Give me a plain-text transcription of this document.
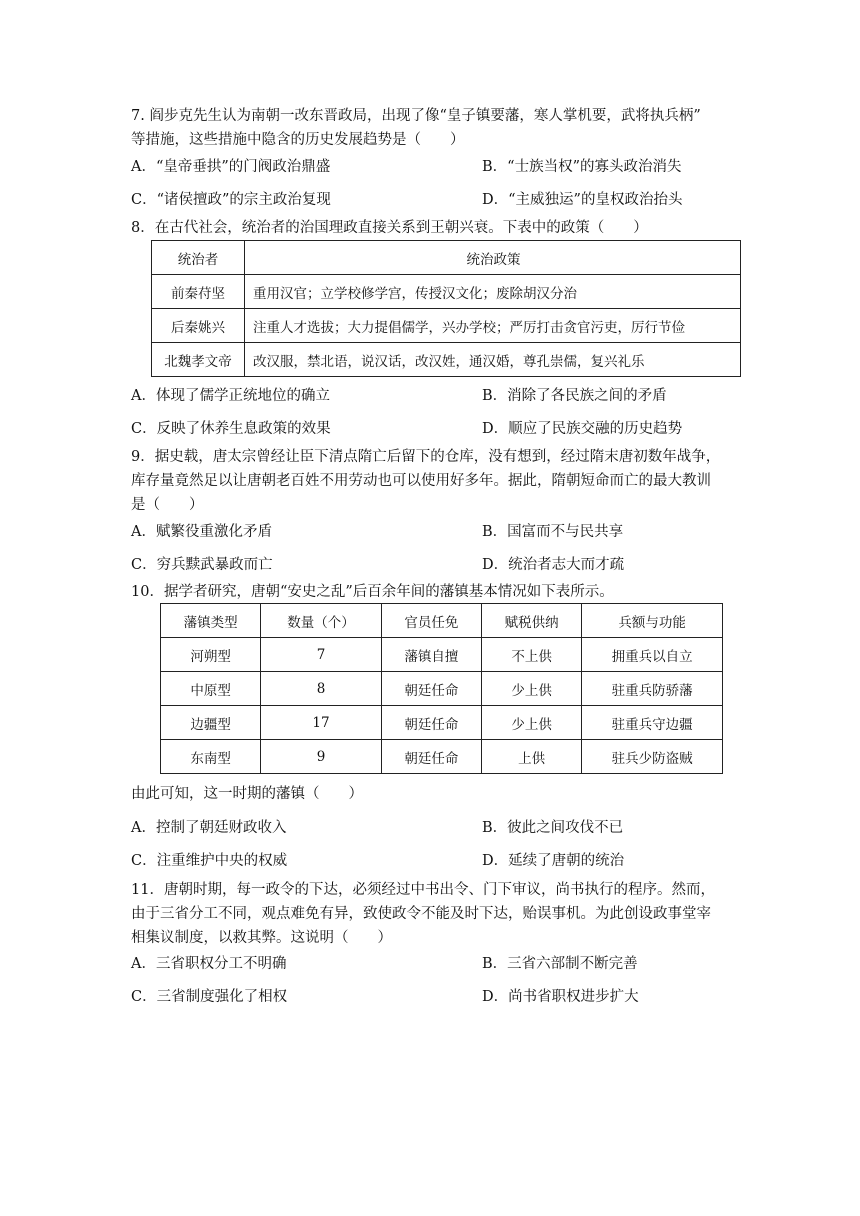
7. 阎步克先生认为南朝一改东晋政局，出现了像“皇子镇要藩，寒人掌机要，武将执兵柄”
等措施，这些措施中隐含的历史发展趋势是（　　）
A．“皇帝垂拱”的门阀政治鼎盛	B．“士族当权”的寡头政治消失
C．“诸侯擅政”的宗主政治复现	D．“主威独运”的皇权政治抬头
8．在古代社会，统治者的治国理政直接关系到王朝兴衰。下表中的政策（　　）
统治者	统治政策
前秦苻坚	重用汉官；立学校修学宫，传授汉文化；废除胡汉分治
后秦姚兴	注重人才选拔；大力提倡儒学，兴办学校；严厉打击贪官污吏，厉行节俭
北魏孝文帝	改汉服，禁北语，说汉话，改汉姓，通汉婚，尊孔崇儒，复兴礼乐
A．体现了儒学正统地位的确立	B．消除了各民族之间的矛盾
C．反映了休养生息政策的效果	D．顺应了民族交融的历史趋势
9．据史载，唐太宗曾经让臣下清点隋亡后留下的仓库，没有想到，经过隋末唐初数年战争，
库存量竟然足以让唐朝老百姓不用劳动也可以使用好多年。据此，隋朝短命而亡的最大教训
是（　　）
A．赋繁役重激化矛盾	B．国富而不与民共享
C．穷兵黩武暴政而亡	D．统治者志大而才疏
10．据学者研究，唐朝“安史之乱”后百余年间的藩镇基本情况如下表所示。
藩镇类型	数量（个）	官员任免	赋税供纳	兵额与功能
河朔型	7	藩镇自擅	不上供	拥重兵以自立
中原型	8	朝廷任命	少上供	驻重兵防骄藩
边疆型	17	朝廷任命	少上供	驻重兵守边疆
东南型	9	朝廷任命	上供	驻兵少防盗贼
由此可知，这一时期的藩镇（　　）
A．控制了朝廷财政收入	B．彼此之间攻伐不已
C．注重维护中央的权威	D．延续了唐朝的统治
11．唐朝时期，每一政令的下达，必须经过中书出令、门下审议，尚书执行的程序。然而，
由于三省分工不同，观点难免有异，致使政令不能及时下达，贻误事机。为此创设政事堂宰
相集议制度，以救其弊。这说明（　　）
A．三省职权分工不明确	B．三省六部制不断完善
C．三省制度强化了相权	D．尚书省职权进步扩大
